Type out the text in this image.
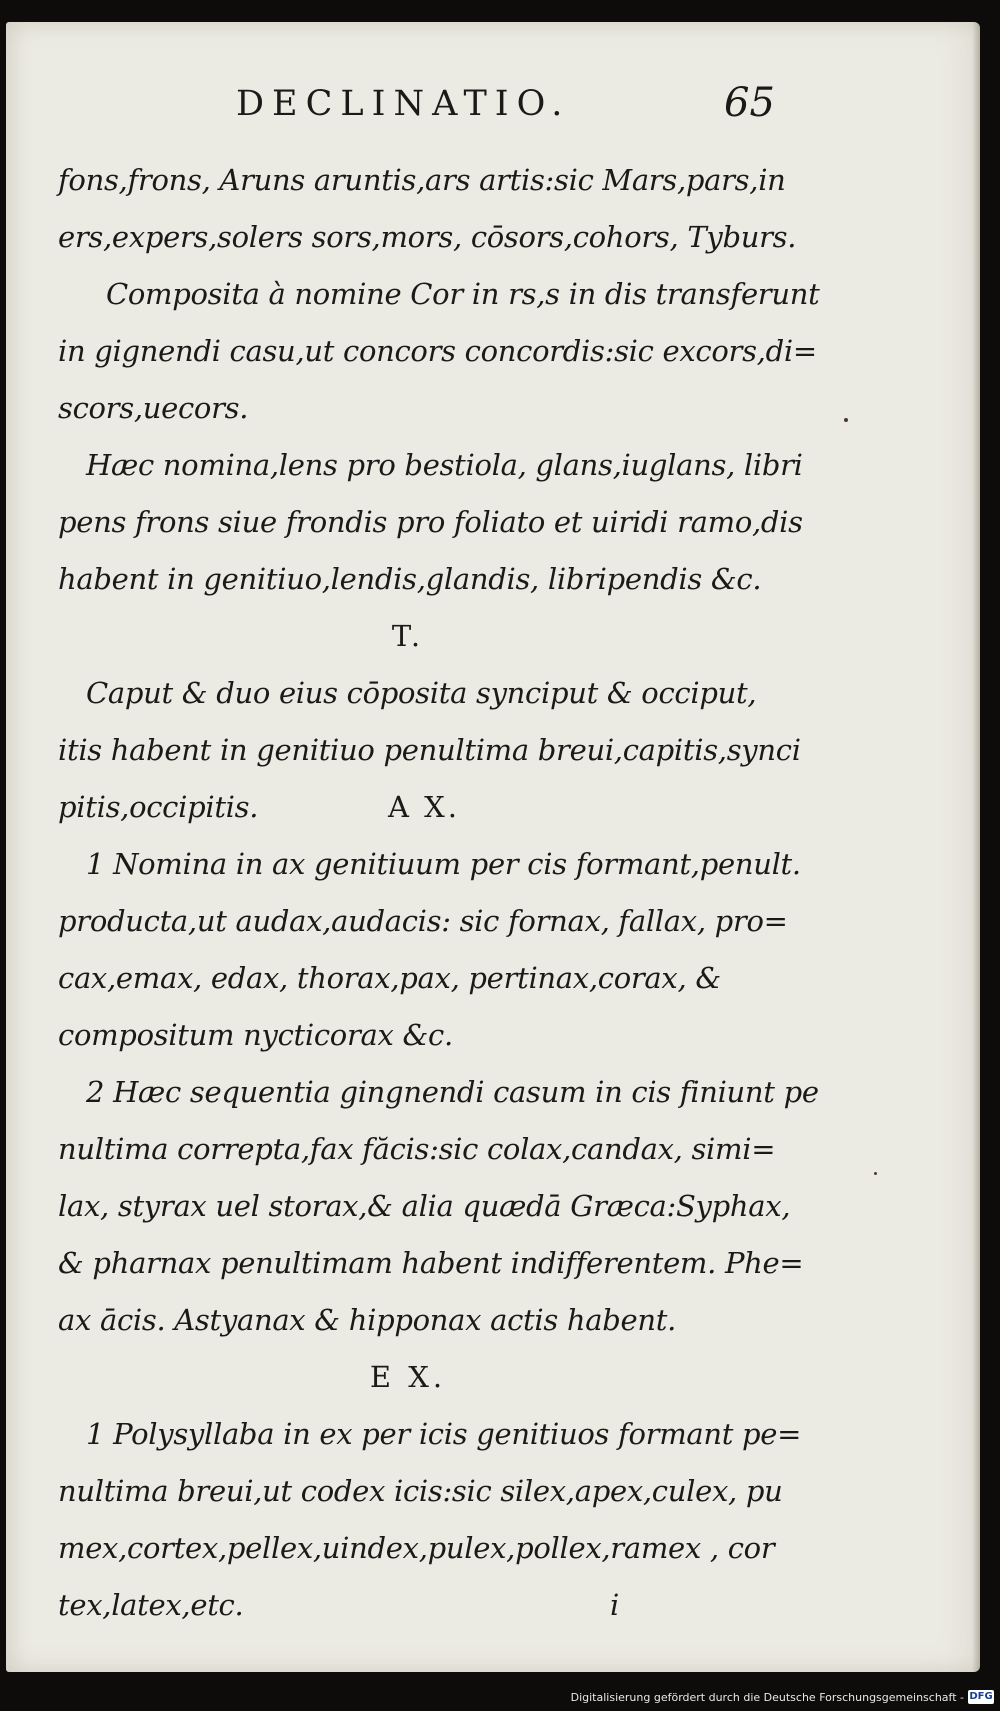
DECLINATIO.	65
fons,frons, Aruns aruntis,ars artis:sic Mars,pars,in
ers,expers,solers sors,mors, cōsors,cohors, Tyburs.
Composita à nomine Cor in rs,s in dis transferunt
in gignendi casu,ut concors concordis:sic excors,di=
scors,uecors.
Hæc nomina,lens pro bestiola, glans,iuglans, libri
pens frons siue frondis pro foliato et uiridi ramo,dis
habent in genitiuo,lendis,glandis, libripendis &c.
T.
Caput & duo eius cōposita synciput & occiput,
itis habent in genitiuo penultima breui,capitis,synci
pitis,occipitis.	A X.
1 Nomina in ax genitiuum per cis formant,penult.
producta,ut audax,audacis: sic fornax, fallax, pro=
cax,emax, edax, thorax,pax, pertinax,corax, &
compositum nycticorax &c.
2 Hæc sequentia gingnendi casum in cis finiunt pe
nultima correpta,fax făcis:sic colax,candax, simi=
lax, styrax uel storax,& alia quædā Græca:Syphax,
& pharnax penultimam habent indifferentem. Phe=
ax ācis. Astyanax & hipponax actis habent.
E X.
1 Polysyllaba in ex per icis genitiuos formant pe=
nultima breui,ut codex icis:sic silex,apex,culex, pu
mex,cortex,pellex,uindex,pulex,pollex,ramex , cor
tex,latex,etc.	i
Digitalisierung gefördert durch die Deutsche Forschungsgemeinschaft - DFG
